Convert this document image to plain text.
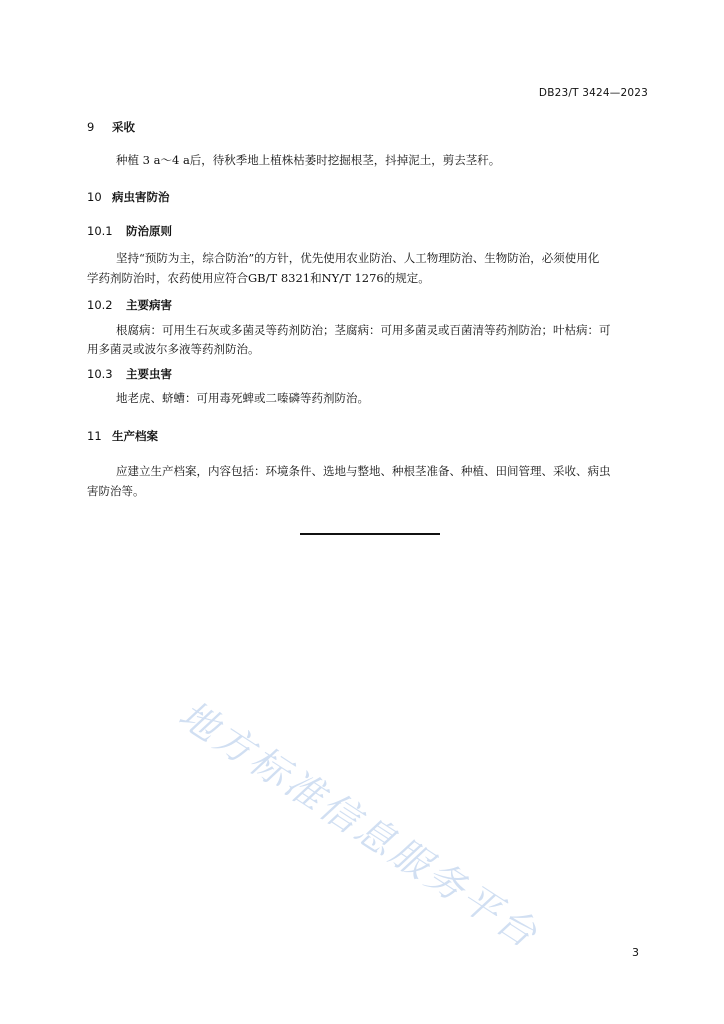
DB23/T 3424—2023
9 采收
种植 3 a～4 a后，待秋季地上植株枯萎时挖掘根茎，抖掉泥土，剪去茎秆。
10 病虫害防治
10.1 防治原则
坚持“预防为主，综合防治”的方针，优先使用农业防治、人工物理防治、生物防治，必须使用化
学药剂防治时，农药使用应符合GB/T 8321和NY/T 1276的规定。
10.2 主要病害
根腐病：可用生石灰或多菌灵等药剂防治；茎腐病：可用多菌灵或百菌清等药剂防治；叶枯病：可
用多菌灵或波尔多液等药剂防治。
10.3 主要虫害
地老虎、蛴螬：可用毒死蜱或二嗪磷等药剂防治。
11 生产档案
应建立生产档案，内容包括：环境条件、选地与整地、种根茎准备、种植、田间管理、采收、病虫
害防治等。
地方标准信息服务平台	3
